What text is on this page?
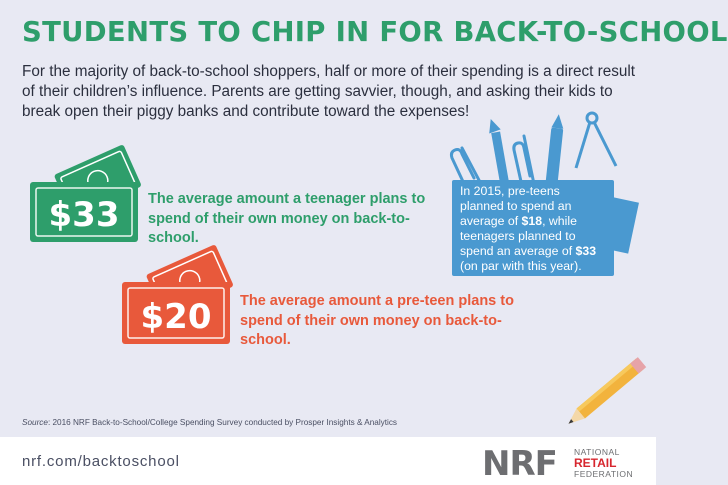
STUDENTS TO CHIP IN FOR BACK-TO-SCHOOL

For the majority of back-to-school shoppers, half or more of their spending is a direct result of their children’s influence. Parents are getting savvier, though, and asking their kids to break open their piggy banks and contribute toward the expenses!

$33 The average amount a teenager plans to spend of their own money on back-to-school.
$20 The average amount a pre-teen plans to spend of their own money on back-to-school.
In 2015, pre-teens planned to spend an average of $18, while teenagers planned to spend an average of $33 (on par with this year).

Source: 2016 NRF Back-to-School/College Spending Survey conducted by Prosper Insights & Analytics

nrf.com/backtoschool	NRF NATIONAL
RETAIL
FEDERATION
